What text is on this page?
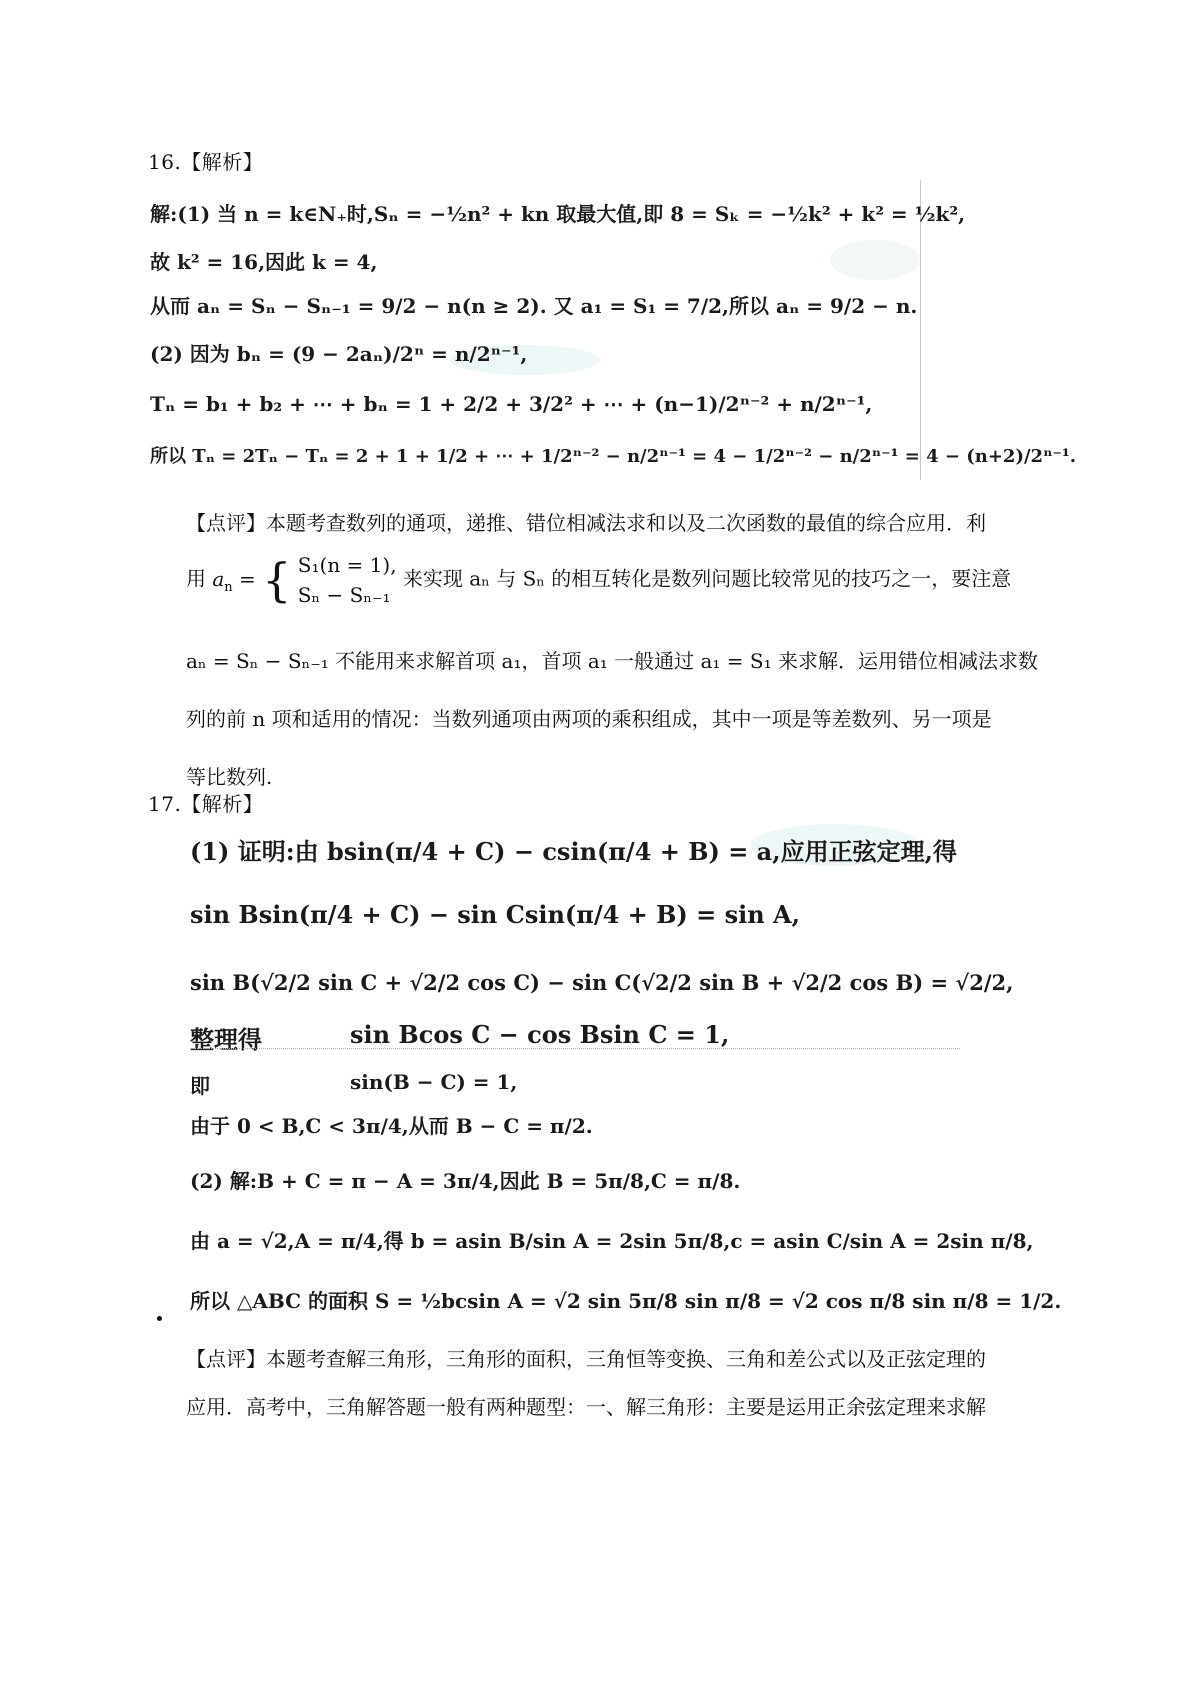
16.【解析】
解:(1) 当 n = k∈N₊时,Sₙ = −½n² + kn 取最大值,即 8 = Sₖ = −½k² + k² = ½k²,
故 k² = 16,因此 k = 4,
从而 aₙ = Sₙ − Sₙ₋₁ = 9/2 − n(n ≥ 2). 又 a₁ = S₁ = 7/2,所以 aₙ = 9/2 − n.
(2) 因为 bₙ = (9 − 2aₙ)/2ⁿ = n/2ⁿ⁻¹,
Tₙ = b₁ + b₂ + ⋯ + bₙ = 1 + 2/2 + 3/2² + ⋯ + (n−1)/2ⁿ⁻² + n/2ⁿ⁻¹,
所以 Tₙ = 2Tₙ − Tₙ = 2 + 1 + 1/2 + ⋯ + 1/2ⁿ⁻² − n/2ⁿ⁻¹ = 4 − 1/2ⁿ⁻² − n/2ⁿ⁻¹ = 4 − (n+2)/2ⁿ⁻¹.
【点评】本题考查数列的通项，递推、错位相减法求和以及二次函数的最值的综合应用．利
用 $a_n$ = { S₁(n = 1),
Sₙ − Sₙ₋₁
来实现 aₙ 与 Sₙ 的相互转化是数列问题比较常见的技巧之一，要注意
aₙ = Sₙ − Sₙ₋₁ 不能用来求解首项 a₁，首项 a₁ 一般通过 a₁ = S₁ 来求解．运用错位相减法求数
列的前 n 项和适用的情况：当数列通项由两项的乘积组成，其中一项是等差数列、另一项是
等比数列.
17.【解析】
(1) 证明:由 bsin(π/4 + C) − csin(π/4 + B) = a,应用正弦定理,得
sin Bsin(π/4 + C) − sin Csin(π/4 + B) = sin A,
sin B(√2/2 sin C + √2/2 cos C) − sin C(√2/2 sin B + √2/2 cos B) = √2/2,
整理得	sin Bcos C − cos Bsin C = 1,
即	sin(B − C) = 1,
由于 0 < B,C < 3π/4,从而 B − C = π/2.
(2) 解:B + C = π − A = 3π/4,因此 B = 5π/8,C = π/8.
由 a = √2,A = π/4,得 b = asin B/sin A = 2sin 5π/8,c = asin C/sin A = 2sin π/8,
所以 △ABC 的面积 S = ½bcsin A = √2 sin 5π/8 sin π/8 = √2 cos π/8 sin π/8 = 1/2.
【点评】本题考查解三角形，三角形的面积，三角恒等变换、三角和差公式以及正弦定理的
应用．高考中，三角解答题一般有两种题型：一、解三角形：主要是运用正余弦定理来求解
